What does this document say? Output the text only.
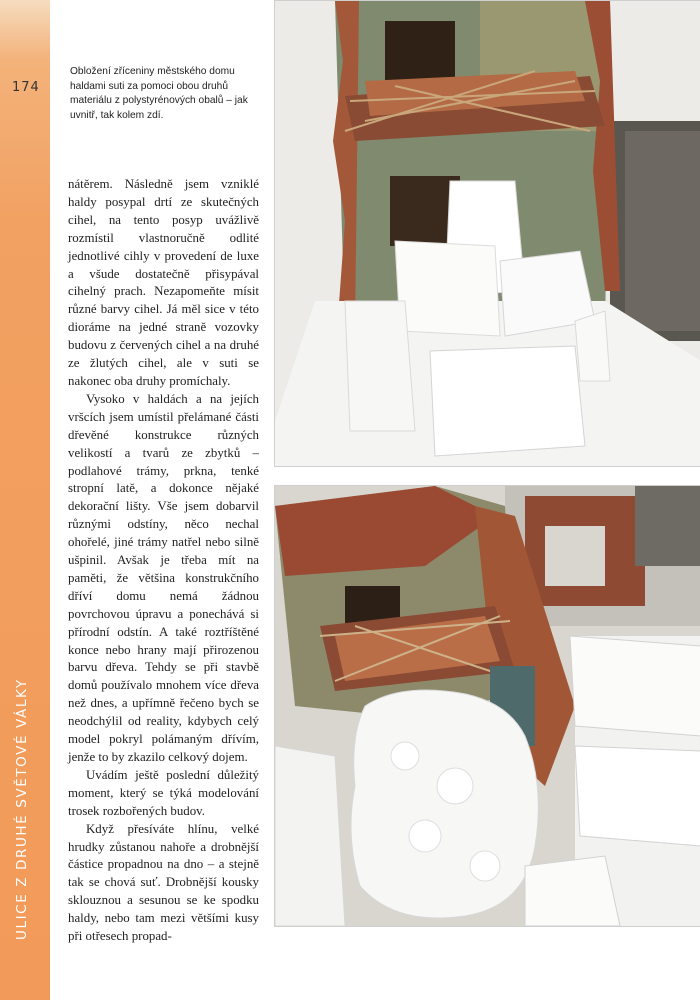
174
ULICE Z DRUHÉ SVĚTOVÉ VÁLKY
Obložení zříceniny městského domu haldami suti za pomoci obou druhů materiálu z polystyrénových obalů – jak uvnitř, tak kolem zdí.

nátěrem. Následně jsem vzniklé haldy posypal drtí ze skutečných cihel, na tento posyp uvážlivě rozmístil vlastnoručně odlité jednotlivé cihly v provedení de luxe a všude dostatečně přisypával cihelný prach. Nezapomeňte mísit různé barvy cihel. Já měl sice v této dioráme na jedné straně vozovky budovu z červených cihel a na druhé ze žlutých cihel, ale v suti se nakonec oba druhy promíchaly.

Vysoko v haldách a na jejích vršcích jsem umístil přelámané části dřevěné konstrukce různých velikostí a tvarů ze zbytků – podlahové trámy, prkna, tenké stropní latě, a dokonce nějaké dekorační lišty. Vše jsem dobarvil různými odstíny, něco nechal ohořelé, jiné trámy natřel nebo silně ušpinil. Avšak je třeba mít na paměti, že většina konstrukčního dříví domu nemá žádnou povrchovou úpravu a ponechává si přírodní odstín. A také roztříštěné konce nebo hrany mají přirozenou barvu dřeva. Tehdy se při stavbě domů používalo mnohem více dřeva než dnes, a upřímně řečeno bych se neodchýlil od reality, kdybych celý model pokryl polámaným dřívím, jenže to by zkazilo celkový dojem.

Uvádím ještě poslední důležitý moment, který se týká modelování trosek rozbořených budov.

Když přesíváte hlínu, velké hrudky zůstanou nahoře a drobnější částice propadnou na dno – a stejně tak se chová suť. Drobnější kousky sklouznou a sesunou se ke spodku haldy, nebo tam mezi většími kusy při otřesech propad-
